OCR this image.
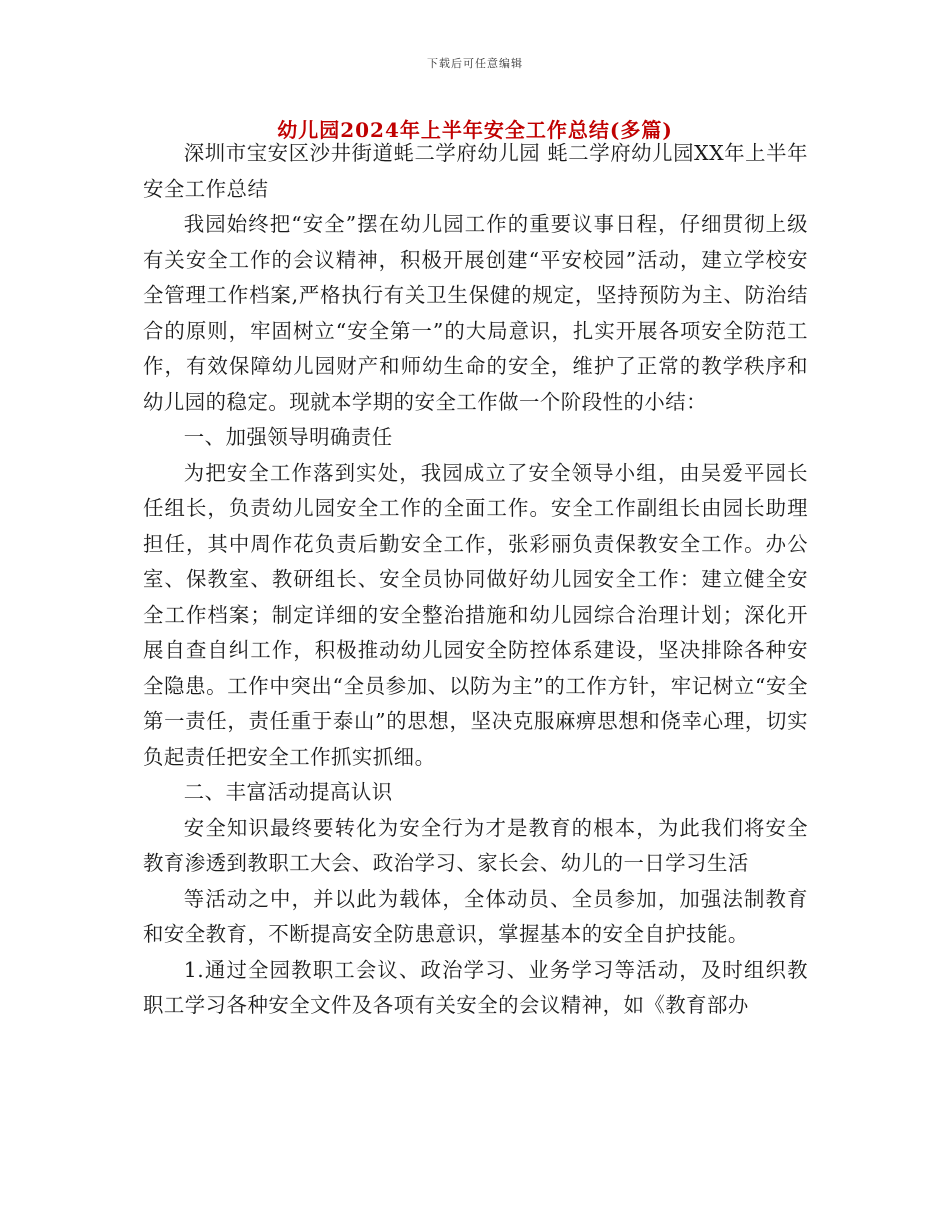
下载后可任意编辑
幼儿园2024年上半年安全工作总结(多篇)

深圳市宝安区沙井街道蚝二学府幼儿园 蚝二学府幼儿园XX年上半年安全工作总结

我园始终把“安全”摆在幼儿园工作的重要议事日程，仔细贯彻上级有关安全工作的会议精神，积极开展创建“平安校园”活动，建立学校安全管理工作档案,严格执行有关卫生保健的规定，坚持预防为主、防治结合的原则，牢固树立“安全第一”的大局意识，扎实开展各项安全防范工作，有效保障幼儿园财产和师幼生命的安全，维护了正常的教学秩序和幼儿园的稳定。现就本学期的安全工作做一个阶段性的小结：

一、加强领导明确责任

为把安全工作落到实处，我园成立了安全领导小组，由吴爱平园长任组长，负责幼儿园安全工作的全面工作。安全工作副组长由园长助理担任，其中周作花负责后勤安全工作，张彩丽负责保教安全工作。办公室、保教室、教研组长、安全员协同做好幼儿园安全工作：建立健全安全工作档案；制定详细的安全整治措施和幼儿园综合治理计划；深化开展自查自纠工作，积极推动幼儿园安全防控体系建设，坚决排除各种安全隐患。工作中突出“全员参加、以防为主”的工作方针，牢记树立“安全第一责任，责任重于泰山”的思想，坚决克服麻痹思想和侥幸心理，切实负起责任把安全工作抓实抓细。

二、丰富活动提高认识

安全知识最终要转化为安全行为才是教育的根本，为此我们将安全教育渗透到教职工大会、政治学习、家长会、幼儿的一日学习生活

等活动之中，并以此为载体，全体动员、全员参加，加强法制教育和安全教育，不断提高安全防患意识，掌握基本的安全自护技能。

1.通过全园教职工会议、政治学习、业务学习等活动，及时组织教职工学习各种安全文件及各项有关安全的会议精神，如《教育部办
